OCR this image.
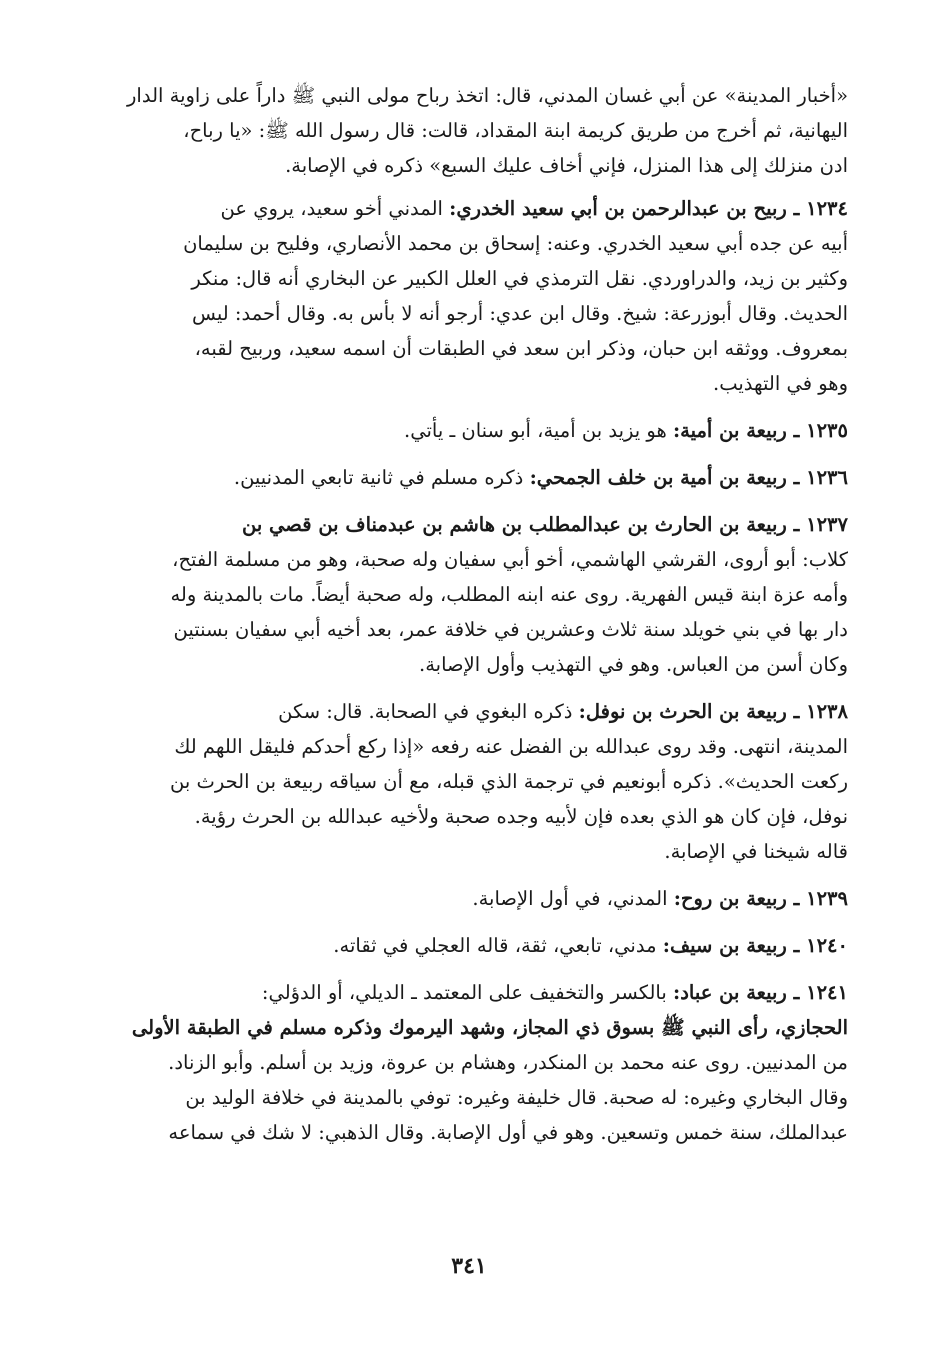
«أخبار المدينة» عن أبي غسان المدني، قال: اتخذ رباح مولى النبي ﷺ داراً على زاوية الدار
اليهانية، ثم أخرج من طريق كريمة ابنة المقداد، قالت: قال رسول الله ﷺ: «يا رباح،
ادن منزلك إلى هذا المنزل، فإني أخاف عليك السبع» ذكره في الإصابة.
١٢٣٤ ـ ربيح بن عبدالرحمن بن أبي سعيد الخدري: المدني أخو سعيد، يروي عن
أبيه عن جده أبي سعيد الخدري. وعنه: إسحاق بن محمد الأنصاري، وفليح بن سليمان
وكثير بن زيد، والدراوردي. نقل الترمذي في العلل الكبير عن البخاري أنه قال: منكر
الحديث. وقال أبوزرعة: شيخ. وقال ابن عدي: أرجو أنه لا بأس به. وقال أحمد: ليس
بمعروف. ووثقه ابن حبان، وذكر ابن سعد في الطبقات أن اسمه سعيد، وربيح لقبه،
وهو في التهذيب.
١٢٣٥ ـ ربيعة بن أمية: هو يزيد بن أمية، أبو سنان ـ يأتي.
١٢٣٦ ـ ربيعة بن أمية بن خلف الجمحي: ذكره مسلم في ثانية تابعي المدنيين.
١٢٣٧ ـ ربيعة بن الحارث بن عبدالمطلب بن هاشم بن عبدمناف بن قصي بن
كلاب: أبو أروى، القرشي الهاشمي، أخو أبي سفيان وله صحبة، وهو من مسلمة الفتح،
وأمه عزة ابنة قيس الفهرية. روى عنه ابنه المطلب، وله صحبة أيضاً. مات بالمدينة وله
دار بها في بني خويلد سنة ثلاث وعشرين في خلافة عمر، بعد أخيه أبي سفيان بسنتين
وكان أسن من العباس. وهو في التهذيب وأول الإصابة.
١٢٣٨ ـ ربيعة بن الحرث بن نوفل: ذكره البغوي في الصحابة. قال: سكن
المدينة، انتهى. وقد روى عبدالله بن الفضل عنه رفعه «إذا ركع أحدكم فليقل اللهم لك
ركعت الحديث». ذكره أبونعيم في ترجمة الذي قبله، مع أن سياقه ربيعة بن الحرث بن
نوفل، فإن كان هو الذي بعده فإن لأبيه وجده صحبة ولأخيه عبدالله بن الحرث رؤية.
قاله شيخنا في الإصابة.
١٢٣٩ ـ ربيعة بن روح: المدني، في أول الإصابة.
١٢٤٠ ـ ربيعة بن سيف: مدني، تابعي، ثقة، قاله العجلي في ثقاته.
١٢٤١ ـ ربيعة بن عباد: بالكسر والتخفيف على المعتمد ـ الديلي، أو الدؤلي:
الحجازي، رأى النبي ﷺ بسوق ذي المجاز، وشهد اليرموك وذكره مسلم في الطبقة الأولى
من المدنيين. روى عنه محمد بن المنكدر، وهشام بن عروة، وزيد بن أسلم. وأبو الزناد.
وقال البخاري وغيره: له صحبة. قال خليفة وغيره: توفي بالمدينة في خلافة الوليد بن
عبدالملك، سنة خمس وتسعين. وهو في أول الإصابة. وقال الذهبي: لا شك في سماعه
٣٤١
